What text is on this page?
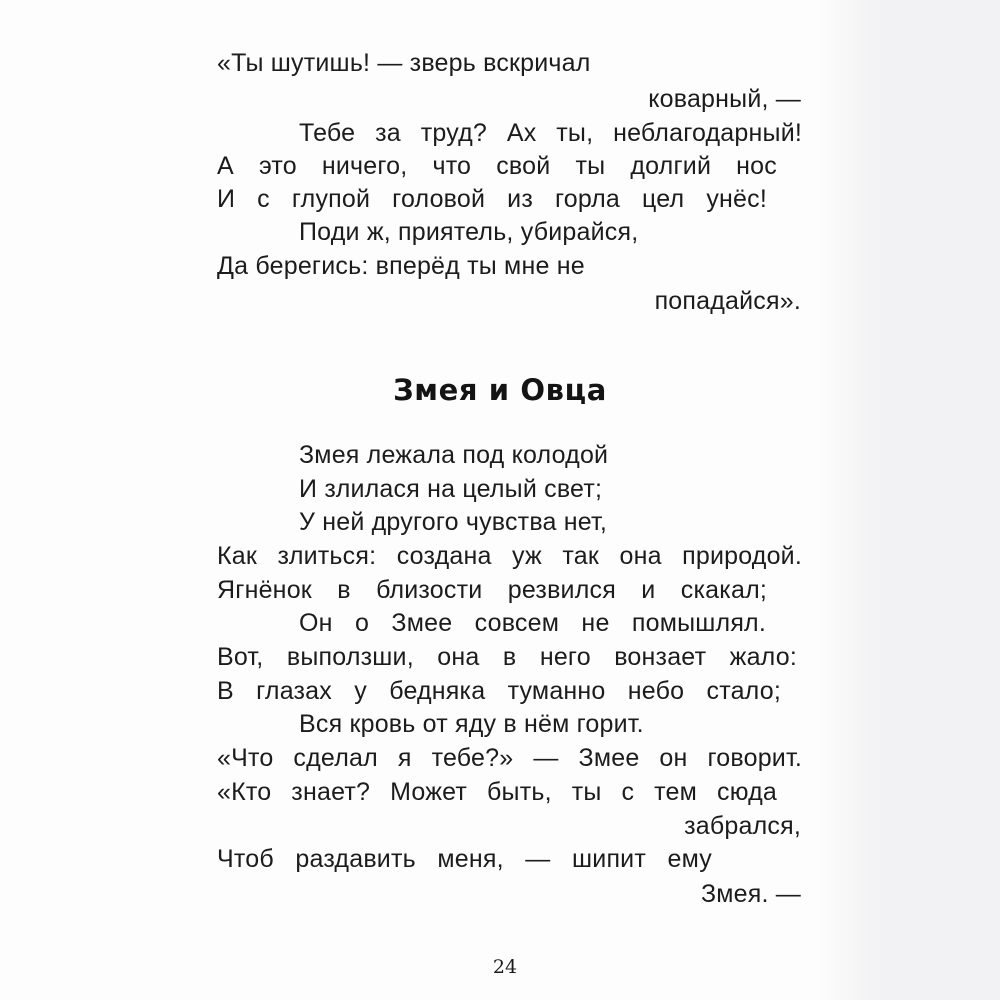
«Ты шутишь! — зверь вскричал
коварный, —
Тебе за труд? Ах ты, неблагодарный!
А это ничего, что свой ты долгий нос
И с глупой головой из горла цел унёс!
Поди ж, приятель, убирайся,
Да берегись: вперёд ты мне не
попадайся».
Змея и Овца
Змея лежала под колодой
И злилася на целый свет;
У ней другого чувства нет,
Как злиться: создана уж так она природой.
Ягнёнок в близости резвился и скакал;
Он о Змее совсем не помышлял.
Вот, выползши, она в него вонзает жало:
В глазах у бедняка туманно небо стало;
Вся кровь от яду в нём горит.
«Что сделал я тебе?» — Змее он говорит.
«Кто знает? Может быть, ты с тем сюда
забрался,
Чтоб раздавить меня, — шипит ему
Змея. —
24
